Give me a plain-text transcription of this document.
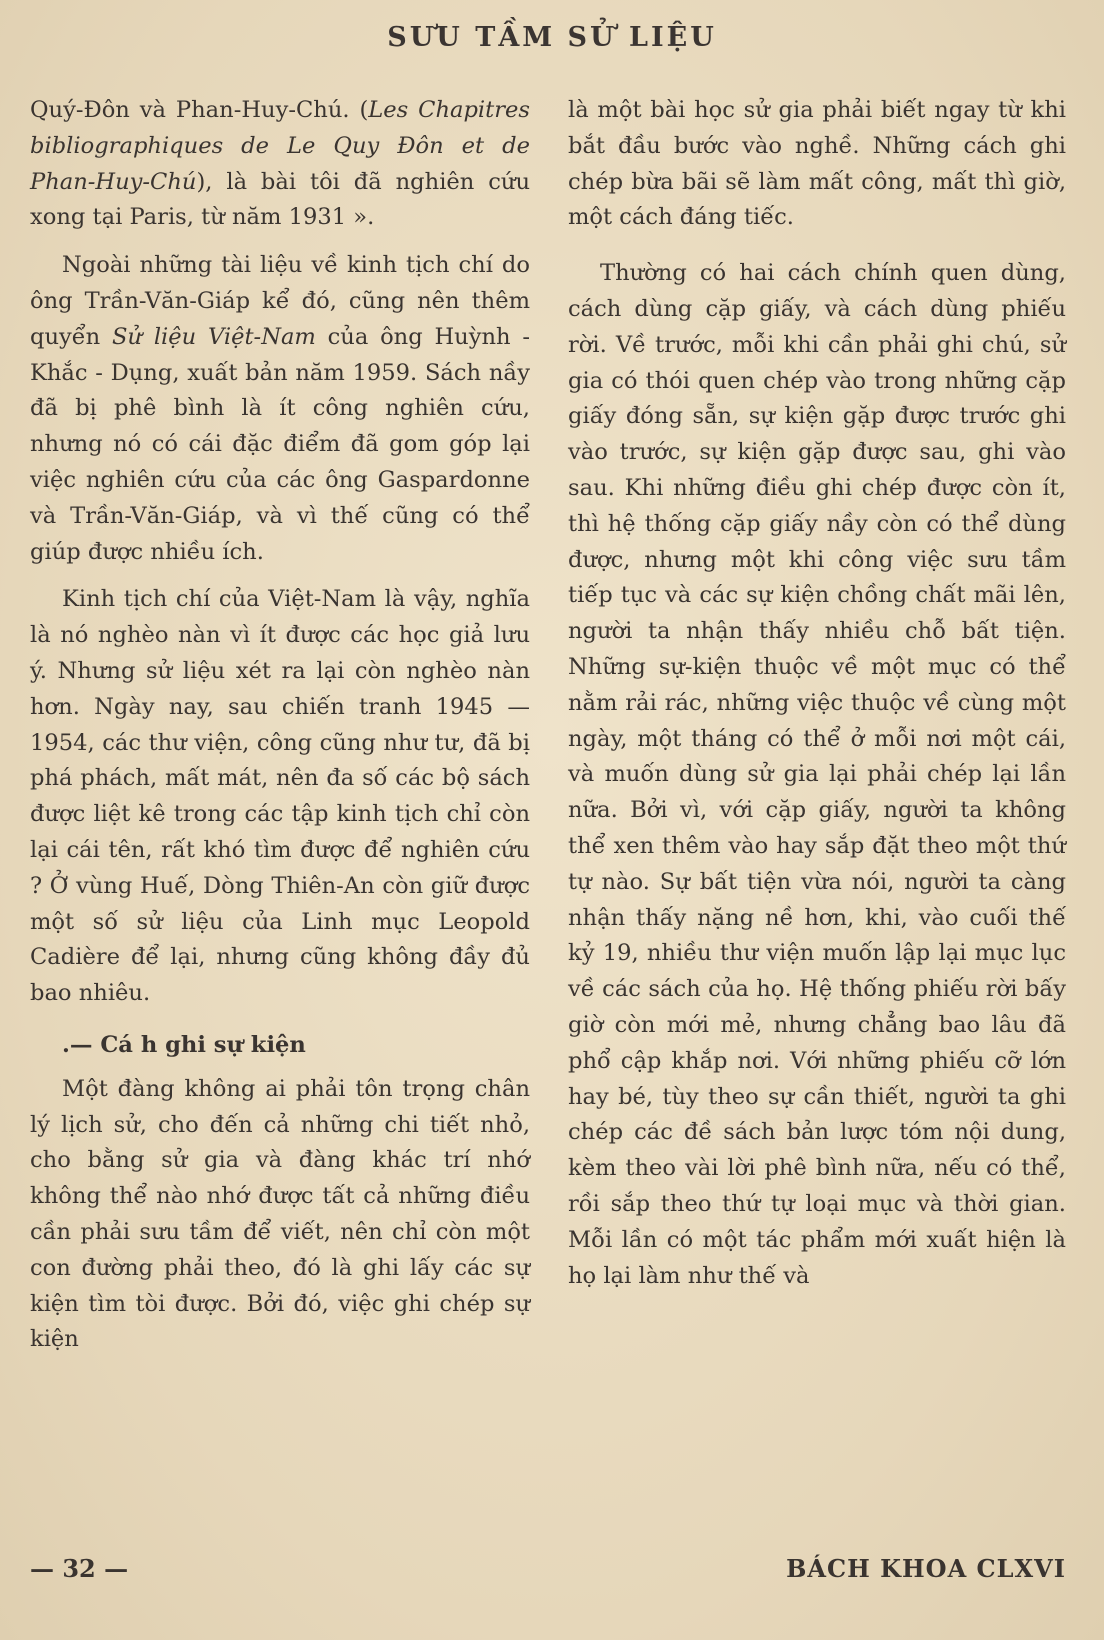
SƯU TẦM SỬ LIỆU

Quý-Đôn và Phan-Huy-Chú. (Les Chapitres bibliographiques de Le Quy Đôn et de Phan-Huy-Chú), là bài tôi đã nghiên cứu xong tại Paris, từ năm 1931 ».

Ngoài những tài liệu về kinh tịch chí do ông Trần-Văn-Giáp kể đó, cũng nên thêm quyển Sử liệu Việt-Nam của ông Huỳnh - Khắc - Dụng, xuất bản năm 1959. Sách nầy đã bị phê bình là ít công nghiên cứu, nhưng nó có cái đặc điểm đã gom góp lại việc nghiên cứu của các ông Gaspardonne và Trần-Văn-Giáp, và vì thế cũng có thể giúp được nhiều ích.

Kinh tịch chí của Việt-Nam là vậy, nghĩa là nó nghèo nàn vì ít được các học giả lưu ý. Nhưng sử liệu xét ra lại còn nghèo nàn hơn. Ngày nay, sau chiến tranh 1945 — 1954, các thư viện, công cũng như tư, đã bị phá phách, mất mát, nên đa số các bộ sách được liệt kê trong các tập kinh tịch chỉ còn lại cái tên, rất khó tìm được để nghiên cứu ? Ở vùng Huế, Dòng Thiên-An còn giữ được một số sử liệu của Linh mục Leopold Cadière để lại, nhưng cũng không đầy đủ bao nhiêu.

.— Cá h ghi sự kiện

Một đàng không ai phải tôn trọng chân lý lịch sử, cho đến cả những chi tiết nhỏ, cho bằng sử gia và đàng khác trí nhớ không thể nào nhớ được tất cả những điều cần phải sưu tầm để viết, nên chỉ còn một con đường phải theo, đó là ghi lấy các sự kiện tìm tòi được. Bởi đó, việc ghi chép sự kiện

là một bài học sử gia phải biết ngay từ khi bắt đầu bước vào nghề. Những cách ghi chép bừa bãi sẽ làm mất công, mất thì giờ, một cách đáng tiếc.

Thường có hai cách chính quen dùng, cách dùng cặp giấy, và cách dùng phiếu rời. Về trước, mỗi khi cần phải ghi chú, sử gia có thói quen chép vào trong những cặp giấy đóng sẵn, sự kiện gặp được trước ghi vào trước, sự kiện gặp được sau, ghi vào sau. Khi những điều ghi chép được còn ít, thì hệ thống cặp giấy nầy còn có thể dùng được, nhưng một khi công việc sưu tầm tiếp tục và các sự kiện chồng chất mãi lên, người ta nhận thấy nhiều chỗ bất tiện. Những sự-kiện thuộc về một mục có thể nằm rải rác, những việc thuộc về cùng một ngày, một tháng có thể ở mỗi nơi một cái, và muốn dùng sử gia lại phải chép lại lần nữa. Bởi vì, với cặp giấy, người ta không thể xen thêm vào hay sắp đặt theo một thứ tự nào. Sự bất tiện vừa nói, người ta càng nhận thấy nặng nề hơn, khi, vào cuối thế kỷ 19, nhiều thư viện muốn lập lại mục lục về các sách của họ. Hệ thống phiếu rời bấy giờ còn mới mẻ, nhưng chẳng bao lâu đã phổ cập khắp nơi. Với những phiếu cỡ lớn hay bé, tùy theo sự cần thiết, người ta ghi chép các đề sách bản lược tóm nội dung, kèm theo vài lời phê bình nữa, nếu có thể, rồi sắp theo thứ tự loại mục và thời gian. Mỗi lần có một tác phẩm mới xuất hiện là họ lại làm như thế và

— 32 —	BÁCH KHOA CLXVI
